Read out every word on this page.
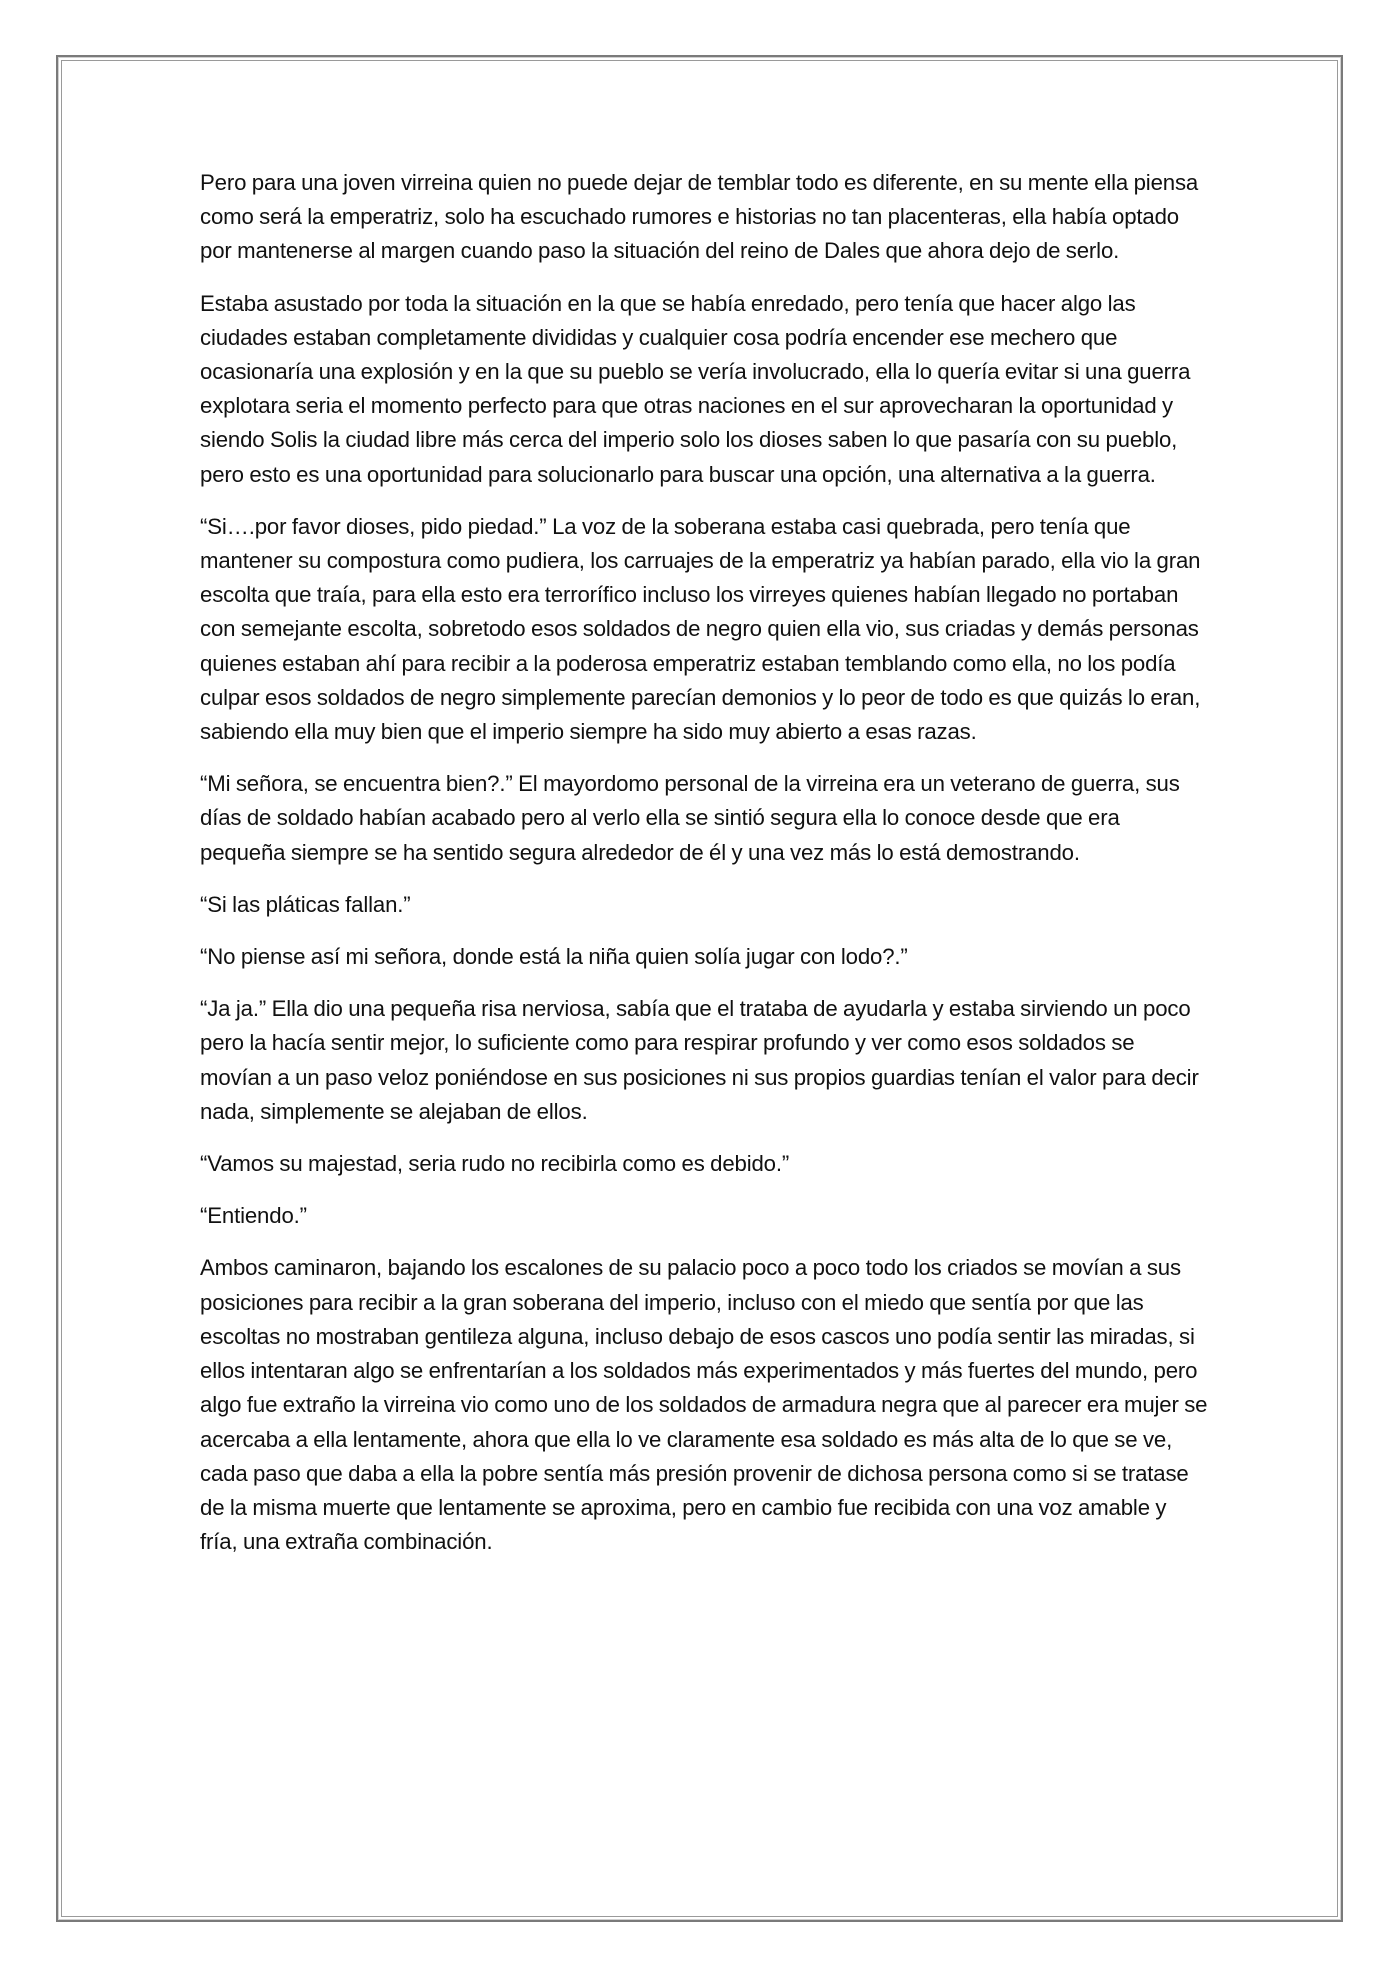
Pero para una joven virreina quien no puede dejar de temblar todo es diferente, en su mente ella piensa como será la emperatriz, solo ha escuchado rumores e historias no tan placenteras, ella había optado por mantenerse al margen cuando paso la situación del reino de Dales que ahora dejo de serlo.

Estaba asustado por toda la situación en la que se había enredado, pero tenía que hacer algo las ciudades estaban completamente divididas y cualquier cosa podría encender ese mechero que ocasionaría una explosión y en la que su pueblo se vería involucrado, ella lo quería evitar si una guerra explotara seria el momento perfecto para que otras naciones en el sur aprovecharan la oportunidad y siendo Solis la ciudad libre más cerca del imperio solo los dioses saben lo que pasaría con su pueblo, pero esto es una oportunidad para solucionarlo para buscar una opción, una alternativa a la guerra.

“Si….por favor dioses, pido piedad.” La voz de la soberana estaba casi quebrada, pero tenía que mantener su compostura como pudiera, los carruajes de la emperatriz ya habían parado, ella vio la gran escolta que traía, para ella esto era terrorífico incluso los virreyes quienes habían llegado no portaban con semejante escolta, sobretodo esos soldados de negro quien ella vio, sus criadas y demás personas quienes estaban ahí para recibir a la poderosa emperatriz estaban temblando como ella, no los podía culpar esos soldados de negro simplemente parecían demonios y lo peor de todo es que quizás lo eran, sabiendo ella muy bien que el imperio siempre ha sido muy abierto a esas razas.

“Mi señora, se encuentra bien?.” El mayordomo personal de la virreina era un veterano de guerra, sus días de soldado habían acabado pero al verlo ella se sintió segura ella lo conoce desde que era pequeña siempre se ha sentido segura alrededor de él y una vez más lo está demostrando.

“Si las pláticas fallan.”

“No piense así mi señora, donde está la niña quien solía jugar con lodo?.”

“Ja ja.” Ella dio una pequeña risa nerviosa, sabía que el trataba de ayudarla y estaba sirviendo un poco pero la hacía sentir mejor, lo suficiente como para respirar profundo y ver como esos soldados se movían a un paso veloz poniéndose en sus posiciones ni sus propios guardias tenían el valor para decir nada, simplemente se alejaban de ellos.

“Vamos su majestad, seria rudo no recibirla como es debido.”

“Entiendo.”

Ambos caminaron, bajando los escalones de su palacio poco a poco todo los criados se movían a sus posiciones para recibir a la gran soberana del imperio, incluso con el miedo que sentía por que las escoltas no mostraban gentileza alguna, incluso debajo de esos cascos uno podía sentir las miradas, si ellos intentaran algo se enfrentarían a los soldados más experimentados y más fuertes del mundo, pero algo fue extraño la virreina vio como uno de los soldados de armadura negra que al parecer era mujer se acercaba a ella lentamente, ahora que ella lo ve claramente esa soldado es más alta de lo que se ve, cada paso que daba a ella la pobre sentía más presión provenir de dichosa persona como si se tratase de la misma muerte que lentamente se aproxima, pero en cambio fue recibida con una voz amable y fría, una extraña combinación.
